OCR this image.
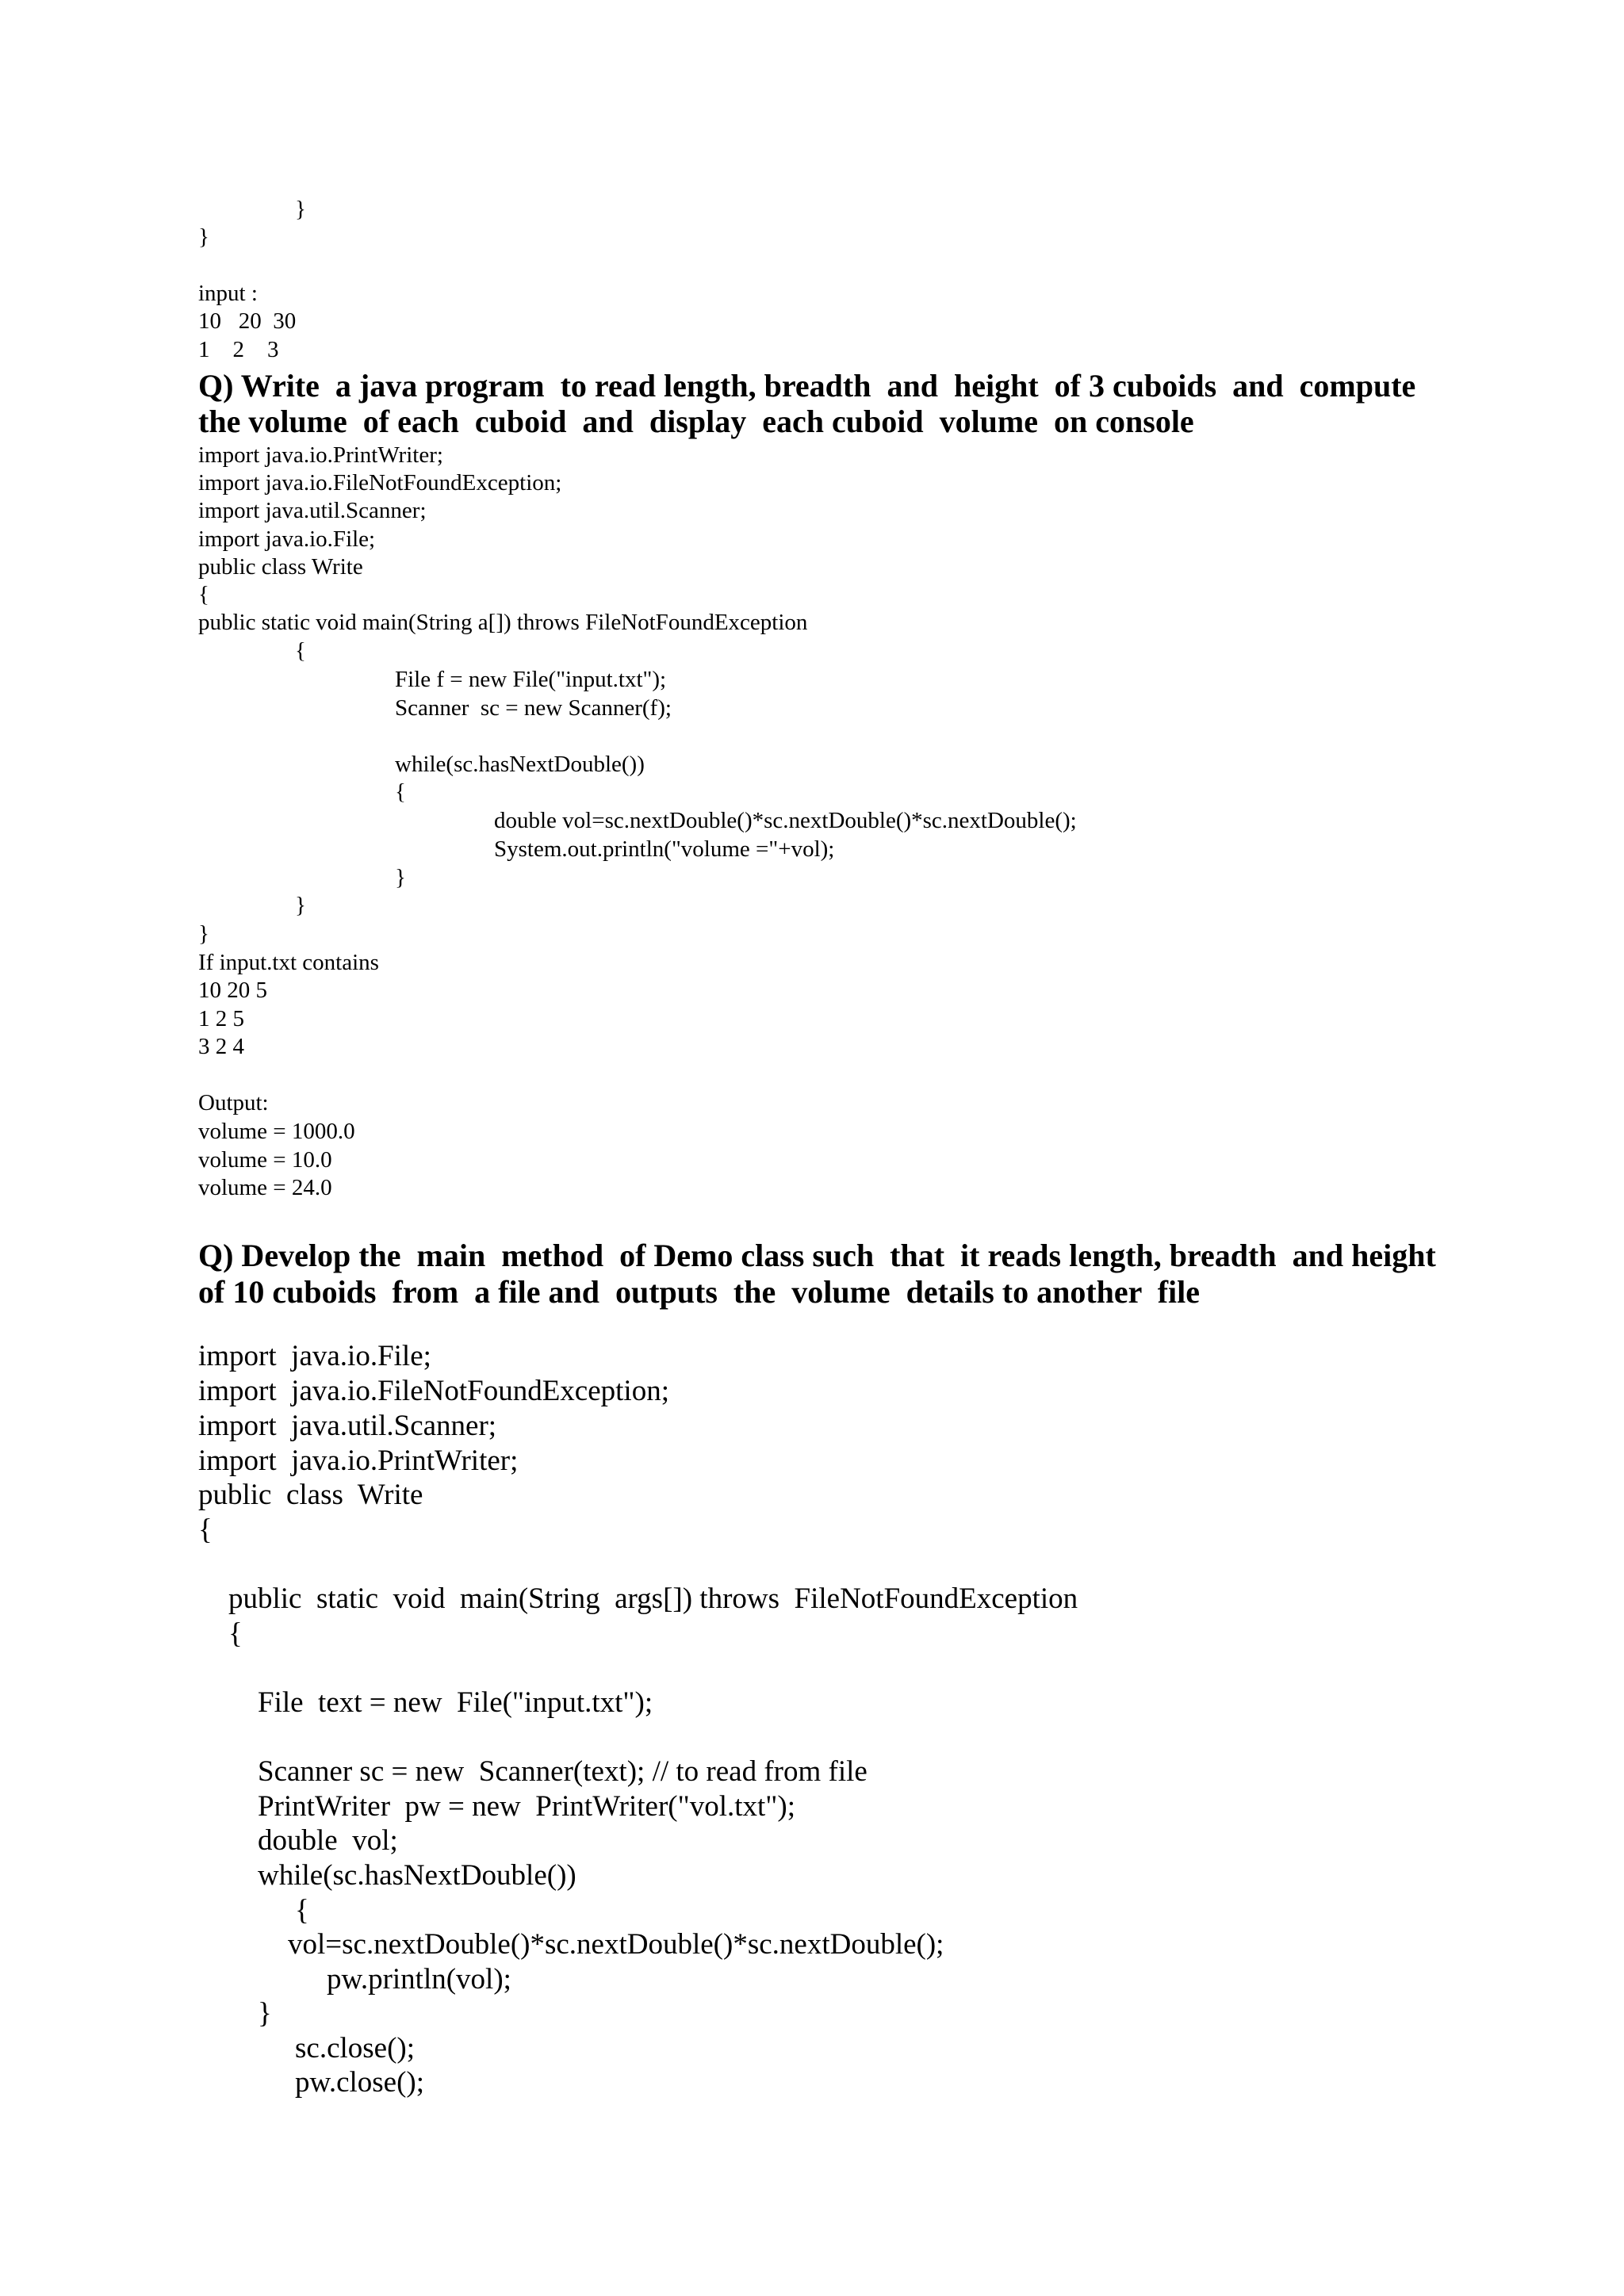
}
}
input :
10   20  30
1    2    3
Q) Write  a java program  to read length, breadth  and  height  of 3 cuboids  and  compute
the volume  of each  cuboid  and  display  each cuboid  volume  on console
import java.io.PrintWriter;
import java.io.FileNotFoundException;
import java.util.Scanner;
import java.io.File;
public class Write
{
public static void main(String a[]) throws FileNotFoundException
{
File f = new File("input.txt");
Scanner  sc = new Scanner(f);
while(sc.hasNextDouble())
{
double vol=sc.nextDouble()*sc.nextDouble()*sc.nextDouble();
System.out.println("volume ="+vol);
}
}
}
If input.txt contains
10 20 5
1 2 5
3 2 4
Output:
volume = 1000.0
volume = 10.0
volume = 24.0
Q) Develop the  main  method  of Demo class such  that  it reads length, breadth  and height
of 10 cuboids  from  a file and  outputs  the  volume  details to another  file
import  java.io.File;
import  java.io.FileNotFoundException;
import  java.util.Scanner;
import  java.io.PrintWriter;
public  class  Write
{
public  static  void  main(String  args[]) throws  FileNotFoundException
{
File  text = new  File("input.txt");
Scanner sc = new  Scanner(text); // to read from file
PrintWriter  pw = new  PrintWriter("vol.txt");
double  vol;
while(sc.hasNextDouble())
{
vol=sc.nextDouble()*sc.nextDouble()*sc.nextDouble();
pw.println(vol);
}
sc.close();
pw.close();
